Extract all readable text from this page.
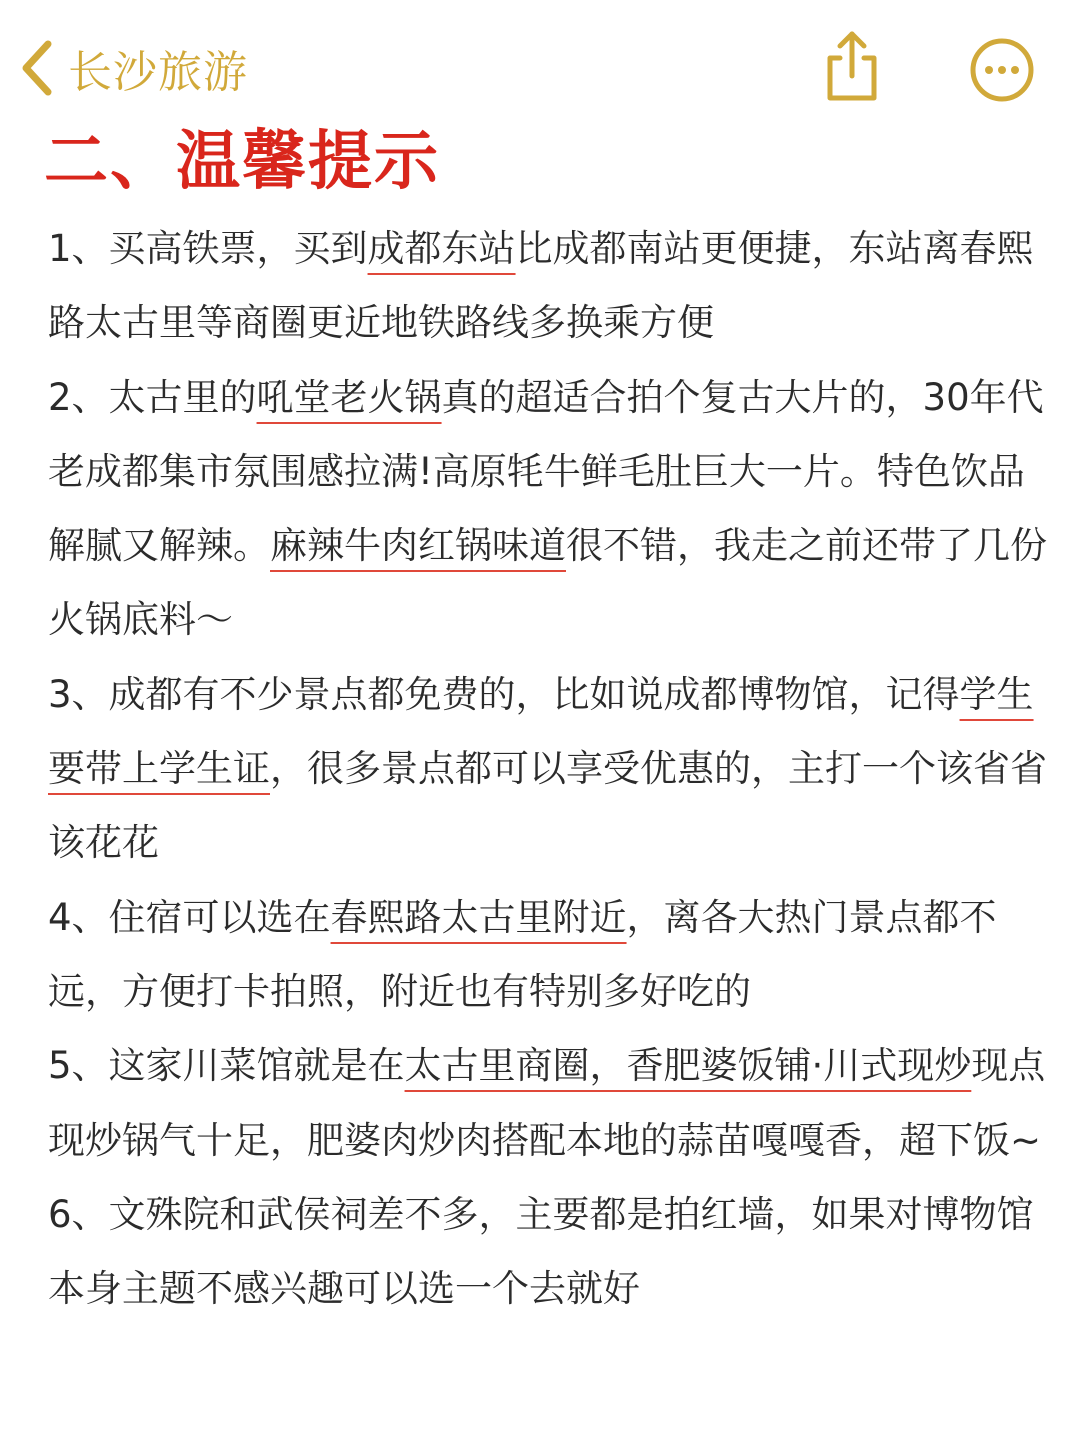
长沙旅游
二、温馨提示
1、买高铁票，买到成都东站比成都南站更便捷，东站离春熙路太古里等商圈更近地铁路线多换乘方便
2、太古里的吼堂老火锅真的超适合拍个复古大片的，30年代老成都集市氛围感拉满!高原牦牛鲜毛肚巨大一片。特色饮品解腻又解辣。麻辣牛肉红锅味道很不错，我走之前还带了几份火锅底料～
3、成都有不少景点都免费的，比如说成都博物馆，记得学生要带上学生证，很多景点都可以享受优惠的，主打一个该省省该花花
4、住宿可以选在春熙路太古里附近，离各大热门景点都不远，方便打卡拍照，附近也有特别多好吃的
5、这家川菜馆就是在太古里商圈，香肥婆饭铺·川式现炒现点现炒锅气十足，肥婆肉炒肉搭配本地的蒜苗嘎嘎香，超下饭~
6、文殊院和武侯祠差不多，主要都是拍红墙，如果对博物馆本身主题不感兴趣可以选一个去就好
